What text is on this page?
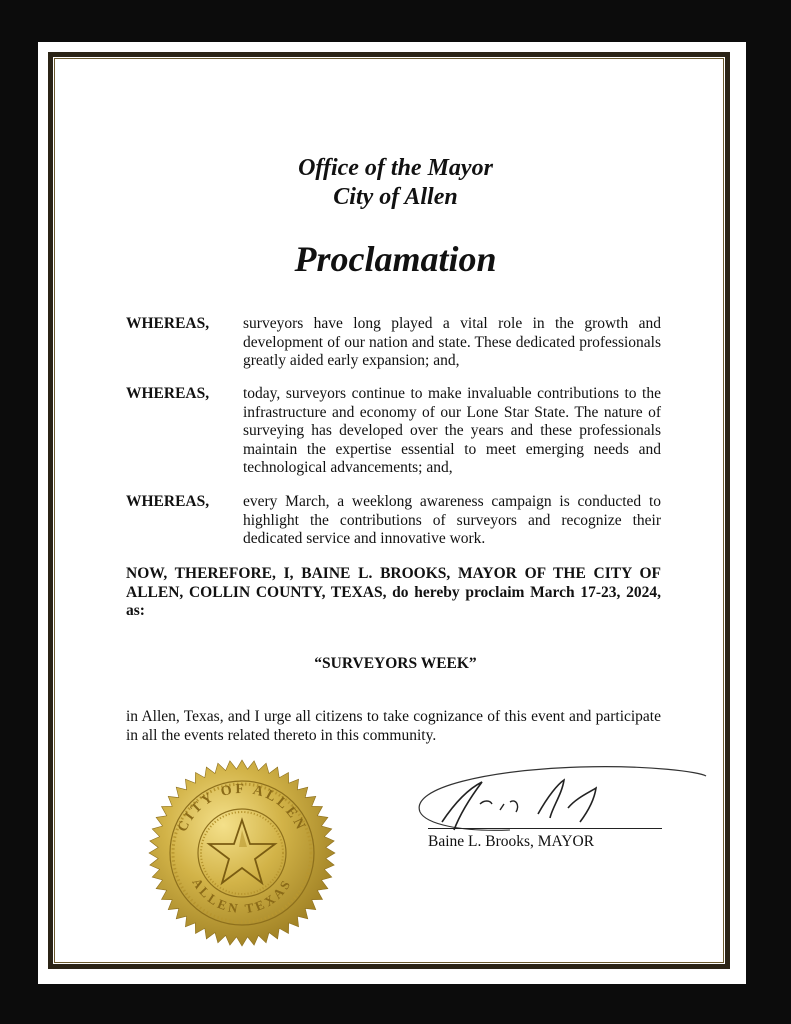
Office of the Mayor
City of Allen
Proclamation
WHEREAS, surveyors have long played a vital role in the growth and development of our nation and state. These dedicated professionals greatly aided early expansion; and,
WHEREAS, today, surveyors continue to make invaluable contributions to the infrastructure and economy of our Lone Star State. The nature of surveying has developed over the years and these professionals maintain the expertise essential to meet emerging needs and technological advancements; and,
WHEREAS, every March, a weeklong awareness campaign is conducted to highlight the contributions of surveyors and recognize their dedicated service and innovative work.
NOW, THEREFORE, I, BAINE L. BROOKS, MAYOR OF THE CITY OF ALLEN, COLLIN COUNTY, TEXAS, do hereby proclaim March 17-23, 2024, as:
“SURVEYORS WEEK”
in Allen, Texas, and I urge all citizens to take cognizance of this event and participate in all the events related thereto in this community.
CITY OF ALLEN
ALLEN TEXAS
Baine L. Brooks, MAYOR
